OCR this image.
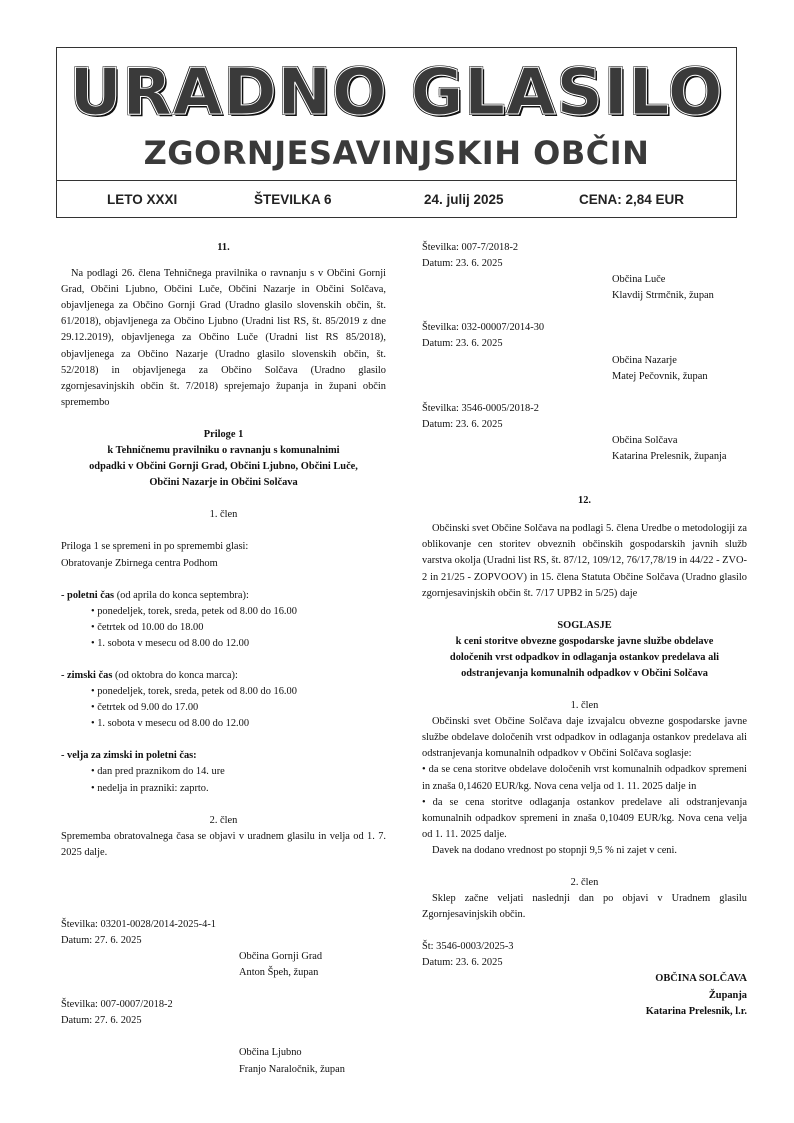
URADNO GLASILO
ZGORNJESAVINJSKIH OBČIN
LETO XXXI	ŠTEVILKA 6	24. julij 2025	CENA: 2,84 EUR

11.

Na podlagi 26. člena Tehničnega pravilnika o ravnanju s v Občini Gornji Grad, Občini Ljubno, Občini Luče, Občini Nazarje in Občini Solčava, objavljenega za Občino Gornji Grad (Uradno glasilo slovenskih občin, št. 61/2018), objavljenega za Občino Ljubno (Uradni list RS, št. 85/2019 z dne 29.12.2019), objavljenega za Občino Luče (Uradni list RS 85/2018), objavljenega za Občino Nazarje (Uradno glasilo slovenskih občin, št. 52/2018) in objavljenega za Občino Solčava (Uradno glasilo zgornjesavinjskih občin št. 7/2018) sprejemajo županja in župani občin spremembo

Priloge 1

k Tehničnemu pravilniku o ravnanju s komunalnimi

odpadki v Občini Gornji Grad, Občini Ljubno, Občini Luče,

Občini Nazarje in Občini Solčava

1. člen

Priloga 1 se spremeni in po spremembi glasi:

Obratovanje Zbirnega centra Podhom

- poletni čas (od aprila do konca septembra):

• ponedeljek, torek, sreda, petek od 8.00 do 16.00

• četrtek od 10.00 do 18.00

• 1. sobota v mesecu od 8.00 do 12.00

- zimski čas (od oktobra do konca marca):

• ponedeljek, torek, sreda, petek od 8.00 do 16.00

• četrtek od 9.00 do 17.00

• 1. sobota v mesecu od 8.00 do 12.00

- velja za zimski in poletni čas:

• dan pred praznikom do 14. ure

• nedelja in prazniki: zaprto.

2. člen

Sprememba obratovalnega časa se objavi v uradnem glasilu in velja od 1. 7. 2025 dalje.

Številka: 03201-0028/2014-2025-4-1

Datum: 27. 6. 2025

Občina Gornji Grad

Anton Špeh, župan

Številka: 007-0007/2018-2

Datum: 27. 6. 2025

Občina Ljubno

Franjo Naraločnik, župan

Številka: 007-7/2018-2

Datum: 23. 6. 2025

Občina Luče

Klavdij Strmčnik, župan

Številka: 032-00007/2014-30

Datum: 23. 6. 2025

Občina Nazarje

Matej Pečovnik, župan

Številka: 3546-0005/2018-2

Datum: 23. 6. 2025

Občina Solčava

Katarina Prelesnik, županja

12.

Občinski svet Občine Solčava na podlagi 5. člena Uredbe o metodologiji za oblikovanje cen storitev obveznih občinskih gospodarskih javnih služb varstva okolja (Uradni list RS, št. 87/12, 109/12, 76/17,78/19 in 44/22 - ZVO-2 in 21/25 - ZOPVOOV) in 15. člena Statuta Občine Solčava (Uradno glasilo zgornjesavinjskih občin št. 7/17 UPB2 in 5/25) daje

SOGLASJE

k ceni storitve obvezne gospodarske javne službe obdelave

določenih vrst odpadkov in odlaganja ostankov predelava ali

odstranjevanja komunalnih odpadkov v Občini Solčava

1. člen

Občinski svet Občine Solčava daje izvajalcu obvezne gospodarske javne službe obdelave določenih vrst odpadkov in odlaganja ostankov predelava ali odstranjevanja komunalnih odpadkov v Občini Solčava soglasje:

• da se cena storitve obdelave določenih vrst komunalnih odpadkov spremeni in znaša 0,14620 EUR/kg. Nova cena velja od 1. 11. 2025 dalje in

• da se cena storitve odlaganja ostankov predelave ali odstranjevanja komunalnih odpadkov spremeni in znaša 0,10409 EUR/kg. Nova cena velja od 1. 11. 2025 dalje.

Davek na dodano vrednost po stopnji 9,5 % ni zajet v ceni.

2. člen

Sklep začne veljati naslednji dan po objavi v Uradnem glasilu Zgornjesavinjskih občin.

Št: 3546-0003/2025-3

Datum: 23. 6. 2025

OBČINA SOLČAVA

Županja

Katarina Prelesnik, l.r.
